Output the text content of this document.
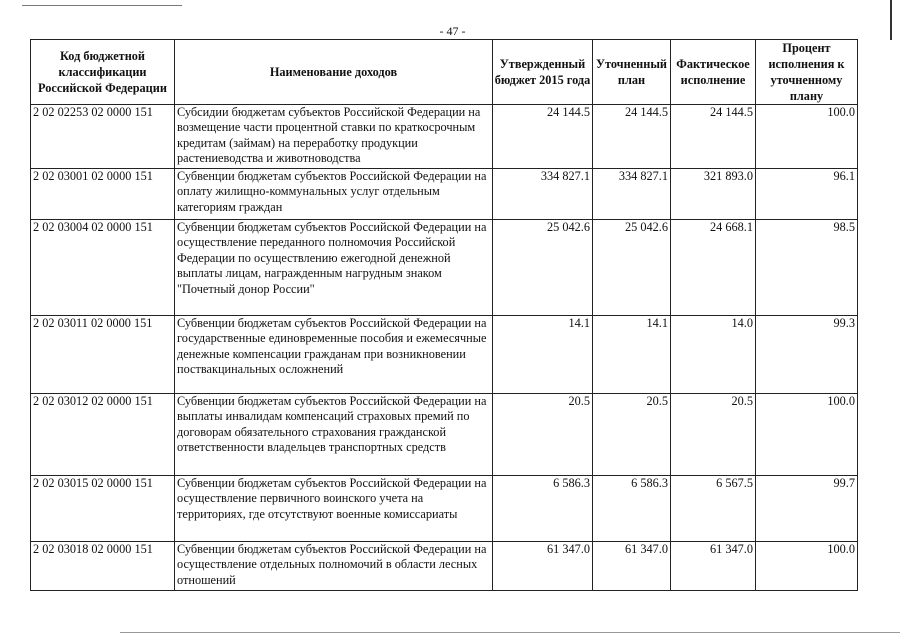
- 47 -
Код бюджетной классификации Российской Федерации	Наименование доходов	Утвержденный бюджет 2015 года	Уточненный план	Фактическое исполнение	Процент исполнения к уточненному плану
2 02 02253 02 0000 151	Субсидии бюджетам субъектов Российской Федерации на возмещение части процентной ставки по краткосрочным кредитам (займам) на переработку продукции растениеводства и животноводства	24 144.5	24 144.5	24 144.5	100.0
2 02 03001 02 0000 151	Субвенции бюджетам субъектов Российской Федерации на оплату жилищно-коммунальных услуг отдельным категориям граждан	334 827.1	334 827.1	321 893.0	96.1
2 02 03004 02 0000 151	Субвенции бюджетам субъектов Российской Федерации на осуществление переданного полномочия Российской Федерации по осуществлению ежегодной денежной выплаты лицам, награжденным нагрудным знаком "Почетный донор России"	25 042.6	25 042.6	24 668.1	98.5
2 02 03011 02 0000 151	Субвенции бюджетам субъектов Российской Федерации на государственные единовременные пособия и ежемесячные денежные компенсации гражданам при возникновении поствакцинальных осложнений	14.1	14.1	14.0	99.3
2 02 03012 02 0000 151	Субвенции бюджетам субъектов Российской Федерации на выплаты инвалидам компенсаций страховых премий по договорам обязательного страхования гражданской ответственности владельцев транспортных средств	20.5	20.5	20.5	100.0
2 02 03015 02 0000 151	Субвенции бюджетам субъектов Российской Федерации на осуществление первичного воинского учета на территориях, где отсутствуют военные комиссариаты	6 586.3	6 586.3	6 567.5	99.7
2 02 03018 02 0000 151	Субвенции бюджетам субъектов Российской Федерации на осуществление отдельных полномочий в области лесных отношений	61 347.0	61 347.0	61 347.0	100.0
